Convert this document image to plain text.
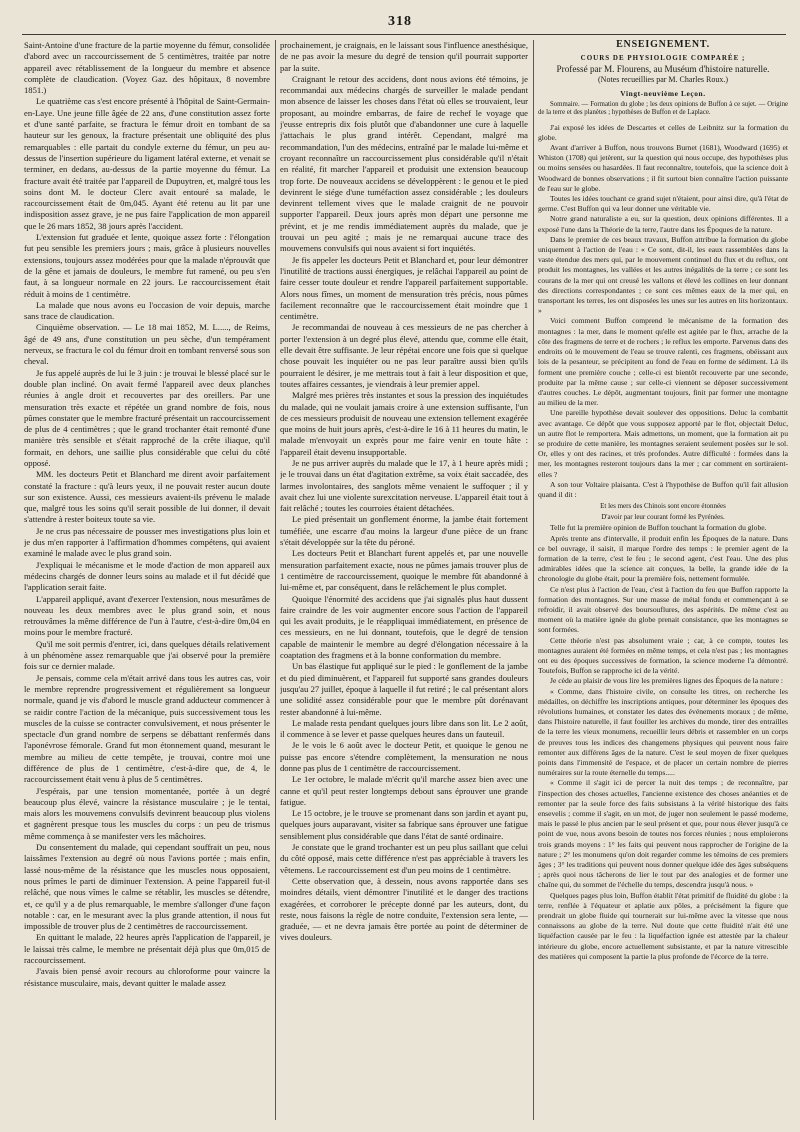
318

Saint-Antoine d'une fracture de la partie moyenne du fémur, consolidée d'abord avec un raccourcissement de 5 centimètres, traitée par notre appareil avec rétablissement de la longueur du membre et absence complète de claudication. (Voyez Gaz. des hôpitaux, 8 novembre 1851.)

Le quatrième cas s'est encore présenté à l'hôpital de Saint-Germain-en-Laye. Une jeune fille âgée de 22 ans, d'une constitution assez forte et d'une santé parfaite, se fractura le fémur droit en tombant de sa hauteur sur les genoux, la fracture présentait une obliquité des plus remarquables : elle partait du condyle externe du fémur, un peu au-dessus de l'insertion supérieure du ligament latéral externe, et venait se terminer, en dedans, au-dessus de la partie moyenne du fémur. La fracture avait été traitée par l'appareil de Dupuytren, et, malgré tous les soins dont M. le docteur Clerc avait entouré sa malade, le raccourcissement était de 0m,045. Ayant été retenu au lit par une indisposition assez grave, je ne pus faire l'application de mon appareil que le 26 mars 1852, 38 jours après l'accident.

L'extension fut graduée et lente, quoique assez forte : l'élongation fut peu sensible les premiers jours ; mais, grâce à plusieurs nouvelles extensions, toujours assez modérées pour que la malade n'éprouvât que de la gêne et jamais de douleurs, le membre fut ramené, ou peu s'en faut, à sa longueur normale en 22 jours. Le raccourcissement était réduit à moins de 1 centimètre.

La malade que nous avons eu l'occasion de voir depuis, marche sans trace de claudication.

Cinquième observation. — Le 18 mai 1852, M. L....., de Reims, âgé de 49 ans, d'une constitution un peu sèche, d'un tempérament nerveux, se fractura le col du fémur droit en tombant renversé sous son cheval.

Je fus appelé auprès de lui le 3 juin : je trouvai le blessé placé sur le double plan incliné. On avait fermé l'appareil avec deux planches réunies à angle droit et recouvertes par des oreillers. Par une mensuration très exacte et répétée un grand nombre de fois, nous pûmes constater que le membre fracturé présentait un raccourcissement de plus de 4 centimètres ; que le grand trochanter était remonté d'une manière très sensible et s'était rapproché de la crête iliaque, qu'il formait, en dehors, une saillie plus considérable que celui du côté opposé.

MM. les docteurs Petit et Blanchard me dirent avoir parfaitement constaté la fracture : qu'à leurs yeux, il ne pouvait rester aucun doute sur son existence. Aussi, ces messieurs avaient-ils prévenu le malade que, malgré tous les soins qu'il serait possible de lui donner, il devait s'attendre à rester boiteux toute sa vie.

Je ne crus pas nécessaire de pousser mes investigations plus loin et je dus m'en rapporter à l'affirmation d'hommes compétens, qui avaient examiné le malade avec le plus grand soin.

J'expliquai le mécanisme et le mode d'action de mon appareil aux médecins chargés de donner leurs soins au malade et il fut décidé que l'application serait faite.

L'appareil appliqué, avant d'exercer l'extension, nous mesurâmes de nouveau les deux membres avec le plus grand soin, et nous retrouvâmes la même différence de l'un à l'autre, c'est-à-dire 0m,04 en moins pour le membre fracturé.

Qu'il me soit permis d'entrer, ici, dans quelques détails relativement à un phénomène assez remarquable que j'ai observé pour la première fois sur ce dernier malade.

Je pensais, comme cela m'était arrivé dans tous les autres cas, voir le membre reprendre progressivement et régulièrement sa longueur normale, quand je vis d'abord le muscle grand adducteur commencer à se raidir contre l'action de la mécanique, puis successivement tous les muscles de la cuisse se contracter convulsivement, et nous présenter le spectacle d'un grand nombre de serpens se débattant renfermés dans l'aponévrose fémorale. Grand fut mon étonnement quand, mesurant le membre au milieu de cette tempête, je trouvai, contre moi une différence de plus de 1 centimètre, c'est-à-dire que, de 4, le raccourcissement était venu à plus de 5 centimètres.

J'espérais, par une tension momentanée, portée à un degré beaucoup plus élevé, vaincre la résistance musculaire ; je le tentai, mais alors les mouvemens convulsifs devinrent beaucoup plus violens et gagnèrent presque tous les muscles du corps : un peu de trismus même commença à se manifester vers les mâchoires.

Du consentement du malade, qui cependant souffrait un peu, nous laissâmes l'extension au degré où nous l'avions portée ; mais enfin, lassé nous-même de la résistance que les muscles nous opposaient, nous prîmes le parti de diminuer l'extension. A peine l'appareil fut-il relâché, que nous vîmes le calme se rétablir, les muscles se détendre, et, ce qu'il y a de plus remarquable, le membre s'allonger d'une façon notable : car, en le mesurant avec la plus grande attention, il nous fut impossible de trouver plus de 2 centimètres de raccourcissement.

En quittant le malade, 22 heures après l'application de l'appareil, je le laissai très calme, le membre ne présentait déjà plus que 0m,015 de raccourcissement.

J'avais bien pensé avoir recours au chloroforme pour vaincre la résistance musculaire, mais, devant quitter le malade assez

prochainement, je craignais, en le laissant sous l'influence anesthésique, de ne pas avoir la mesure du degré de tension qu'il pourrait supporter par la suite.

Craignant le retour des accidens, dont nous avions été témoins, je recommandai aux médecins chargés de surveiller le malade pendant mon absence de laisser les choses dans l'état où elles se trouvaient, leur proposant, au moindre embarras, de faire de rechef le voyage que j'eusse entrepris dix fois plutôt que d'abandonner une cure à laquelle j'attachais le plus grand intérêt. Cependant, malgré ma recommandation, l'un des médecins, entraîné par le malade lui-même et croyant reconnaître un raccourcissement plus considérable qu'il n'était en réalité, fit marcher l'appareil et produisit une extension beaucoup trop forte. De nouveaux accidens se développèrent : le genou et le pied devinrent le siége d'une tuméfaction assez considérable ; les douleurs devinrent tellement vives que le malade craignit de ne pouvoir supporter l'appareil. Deux jours après mon départ une personne me prévint, et je me rendis immédiatement auprès du malade, que je trouvai un peu agité ; mais je ne remarquai aucune trace des mouvemens convulsifs qui nous avaient si fort inquiétés.

Je fis appeler les docteurs Petit et Blanchard et, pour leur démontrer l'inutilité de tractions aussi énergiques, je relâchai l'appareil au point de faire cesser toute douleur et rendre l'appareil parfaitement supportable. Alors nous fîmes, un moment de mensuration très précis, nous pûmes facilement reconnaître que le raccourcissement était moindre que 1 centimètre.

Je recommandai de nouveau à ces messieurs de ne pas chercher à porter l'extension à un degré plus élevé, attendu que, comme elle était, elle devait être suffisante. Je leur répétai encore une fois que si quelque chose pouvait les inquiéter ou ne pas leur paraître aussi bien qu'ils pourraient le désirer, je me mettrais tout à fait à leur disposition et que, toutes affaires cessantes, je viendrais à leur premier appel.

Malgré mes prières très instantes et sous la pression des inquiétudes du malade, qui ne voulait jamais croire à une extension suffisante, l'un de ces messieurs produisit de nouveau une extension tellement exagérée que moins de huit jours après, c'est-à-dire le 16 à 11 heures du matin, le malade m'envoyait un exprès pour me faire venir en toute hâte : l'appareil était devenu insupportable.

Je ne pus arriver auprès du malade que le 17, à 1 heure après midi ; je le trouvai dans un état d'agitation extrême, sa voix était saccadée, des larmes involontaires, des sanglots même venaient le suffoquer ; il y avait chez lui une violente surexcitation nerveuse. L'appareil était tout à fait relâché ; toutes les courroies étaient détachées.

Le pied présentait un gonflement énorme, la jambe était fortement tuméfiée, une escarre d'au moins la largeur d'une pièce de un franc s'était développée sur la tête du péroné.

Les docteurs Petit et Blanchart furent appelés et, par une nouvelle mensuration parfaitement exacte, nous ne pûmes jamais trouver plus de 1 centimètre de raccourcissement, quoique le membre fût abandonné à lui-même et, par conséquent, dans le relâchement le plus complet.

Quoique l'énormité des accidens que j'ai signalés plus haut dussent faire craindre de les voir augmenter encore sous l'action de l'appareil qui les avait produits, je le réappliquai immédiatement, en présence de ces messieurs, en ne lui donnant, toutefois, que le degré de tension capable de maintenir le membre au degré d'élongation nécessaire à la coaptation des fragmens et à la bonne conformation du membre.

Un bas élastique fut appliqué sur le pied : le gonflement de la jambe et du pied diminuèrent, et l'appareil fut supporté sans grandes douleurs jusqu'au 27 juillet, époque à laquelle il fut retiré ; le cal présentant alors une solidité assez considérable pour que le membre pût dorénavant rester abandonné à lui-même.

Le malade resta pendant quelques jours libre dans son lit. Le 2 août, il commence à se lever et passe quelques heures dans un fauteuil.

Je le vois le 6 août avec le docteur Petit, et quoique le genou ne puisse pas encore s'étendre complètement, la mensuration ne nous donne pas plus de 1 centimètre de raccourcissement.

Le 1er octobre, le malade m'écrit qu'il marche assez bien avec une canne et qu'il peut rester longtemps debout sans éprouver une grande fatigue.

Le 15 octobre, je le trouve se promenant dans son jardin et ayant pu, quelques jours auparavant, visiter sa fabrique sans éprouver une fatigue sensiblement plus considérable que dans l'état de santé ordinaire.

Je constate que le grand trochanter est un peu plus saillant que celui du côté opposé, mais cette différence n'est pas appréciable à travers les vêtemens. Le raccourcissement est d'un peu moins de 1 centimètre.

Cette observation que, à dessein, nous avons rapportée dans ses moindres détails, vient démontrer l'inutilité et le danger des tractions exagérées, et corroborer le précepte donné par les auteurs, dont, du reste, nous faisons la règle de notre conduite, l'extension sera lente, — graduée, — et ne devra jamais être portée au point de déterminer de vives douleurs.

ENSEIGNEMENT.
COURS DE PHYSIOLOGIE COMPARÉE ;
Professé par M. Flourens, au Muséum d'histoire naturelle.
(Notes recueillies par M. Charles Roux.)
Vingt-neuvième Leçon.

Sommaire. — Formation du globe ; les deux opinions de Buffon à ce sujet. — Origine de la terre et des planètes ; hypothèses de Buffon et de Laplace.

J'ai exposé les idées de Descartes et celles de Leibnitz sur la formation du globe.

Avant d'arriver à Buffon, nous trouvons Burnet (1681), Woodward (1695) et Whiston (1708) qui jetèrent, sur la question qui nous occupe, des hypothèses plus ou moins sensées ou hasardées. Il faut reconnaître, toutefois, que la science doit à Woodward de bonnes observations ; il fit surtout bien connaître l'action puissante de l'eau sur le globe.

Toutes les idées touchant ce grand sujet n'étaient, pour ainsi dire, qu'à l'état de germe. C'est Buffon qui va leur donner une véritable vie.

Notre grand naturaliste a eu, sur la question, deux opinions différentes. Il a exposé l'une dans la Théorie de la terre, l'autre dans les Époques de la nature.

Dans le premier de ces beaux travaux, Buffon attribue la formation du globe uniquement à l'action de l'eau : « Ce sont, dit-il, les eaux rassemblées dans la vaste étendue des mers qui, par le mouvement continuel du flux et du reflux, ont produit les montagnes, les vallées et les autres inégalités de la terre ; ce sont les courans de la mer qui ont creusé les vallons et élevé les collines en leur donnant des directions correspondantes ; ce sont ces mêmes eaux de la mer qui, en transportant les terres, les ont disposées les unes sur les autres en lits horizontaux. »

Voici comment Buffon comprend le mécanisme de la formation des montagnes : la mer, dans le moment qu'elle est agitée par le flux, arrache de la côte des fragmens de terre et de rochers ; le reflux les emporte. Parvenus dans des endroits où le mouvement de l'eau se trouve ralenti, ces fragmens, obéissant aux lois de la pesanteur, se précipitent au fond de l'eau en forme de sédiment. Là ils forment une première couche ; celle-ci est bientôt recouverte par une seconde, produite par la même cause ; sur celle-ci viennent se déposer successivement d'autres couches. Le dépôt, augmentant toujours, finit par former une montagne au milieu de la mer.

Une pareille hypothèse devait soulever des oppositions. Deluc la combattit avec avantage. Ce dépôt que vous supposez apporté par le flot, objectait Deluc, un autre flot le remportera. Mais admettons, un moment, que la formation ait pu se produire de cette manière, les montagnes seraient seulement posées sur le sol. Or, elles y ont des racines, et très profondes. Autre difficulté : formées dans la mer, les montagnes resteront toujours dans la mer ; car comment en sortiraient-elles ?

A son tour Voltaire plaisanta. C'est à l'hypothèse de Buffon qu'il fait allusion quand il dit :

Et les mers des Chinois sont encore étonnées
D'avoir par leur courant formé les Pyrénées.

Telle fut la première opinion de Buffon touchant la formation du globe.

Après trente ans d'intervalle, il produit enfin les Époques de la nature. Dans ce bel ouvrage, il saisit, il marque l'ordre des temps : le premier agent de la formation de la terre, c'est le feu ; le second agent, c'est l'eau. Une des plus admirables idées que la science ait conçues, la belle, la grande idée de la chronologie du globe était, pour la première fois, nettement formulée.

Ce n'est plus à l'action de l'eau, c'est à l'action du feu que Buffon rapporte la formation des montagnes. Sur une masse de métal fondu et commençant à se refroidir, il avait observé des boursouflures, des aspérités. De même c'est au moment où la matière ignée du globe prenait consistance, que les montagnes se sont formées.

Cette théorie n'est pas absolument vraie ; car, à ce compte, toutes les montagnes auraient été formées en même temps, et cela n'est pas ; les montagnes ont eu des époques successives de formation, la science moderne l'a démontré. Toutefois, Buffon se rapproche ici de la vérité.

Je cède au plaisir de vous lire les premières lignes des Époques de la nature :

« Comme, dans l'histoire civile, on consulte les titres, on recherche les médailles, on déchiffre les inscriptions antiques, pour déterminer les époques des révolutions humaines, et constater les dates des événements moraux ; de même, dans l'histoire naturelle, il faut fouiller les archives du monde, tirer des entrailles de la terre les vieux monumens, recueillir leurs débris et rassembler en un corps de preuves tous les indices des changemens physiques qui peuvent nous faire remonter aux différens âges de la nature. C'est le seul moyen de fixer quelques points dans l'immensité de l'espace, et de placer un certain nombre de pierres numéraires sur la route éternelle du temps.....

« Comme il s'agit ici de percer la nuit des temps ; de reconnaître, par l'inspection des choses actuelles, l'ancienne existence des choses anéanties et de remonter par la seule force des faits subsistans à la vérité historique des faits ensevelis ; comme il s'agit, en un mot, de juger non seulement le passé moderne, mais le passé le plus ancien par le seul présent et que, pour nous élever jusqu'à ce point de vue, nous avons besoin de toutes nos forces réunies ; nous emploierons trois grands moyens : 1° les faits qui peuvent nous rapprocher de l'origine de la nature ; 2° les monumens qu'on doit regarder comme les témoins de ces premiers âges ; 3° les traditions qui peuvent nous donner quelque idée des âges subséquens ; après quoi nous tâcherons de lier le tout par des analogies et de former une chaîne qui, du sommet de l'échelle du temps, descendra jusqu'à nous. »

Quelques pages plus loin, Buffon établit l'état primitif de fluidité du globe : la terre, renflée à l'équateur et aplatie aux pôles, a précisément la figure que prendrait un globe fluide qui tournerait sur lui-même avec la vitesse que nous connaissons au globe de la terre. Nul doute que cette fluidité n'ait été une liquéfaction causée par le feu : la liquéfaction ignée est attestée par la chaleur intérieure du globe, encore actuellement subsistante, et par la nature vitrescible des matières qui composent la partie la plus profonde de l'écorce de la terre.
